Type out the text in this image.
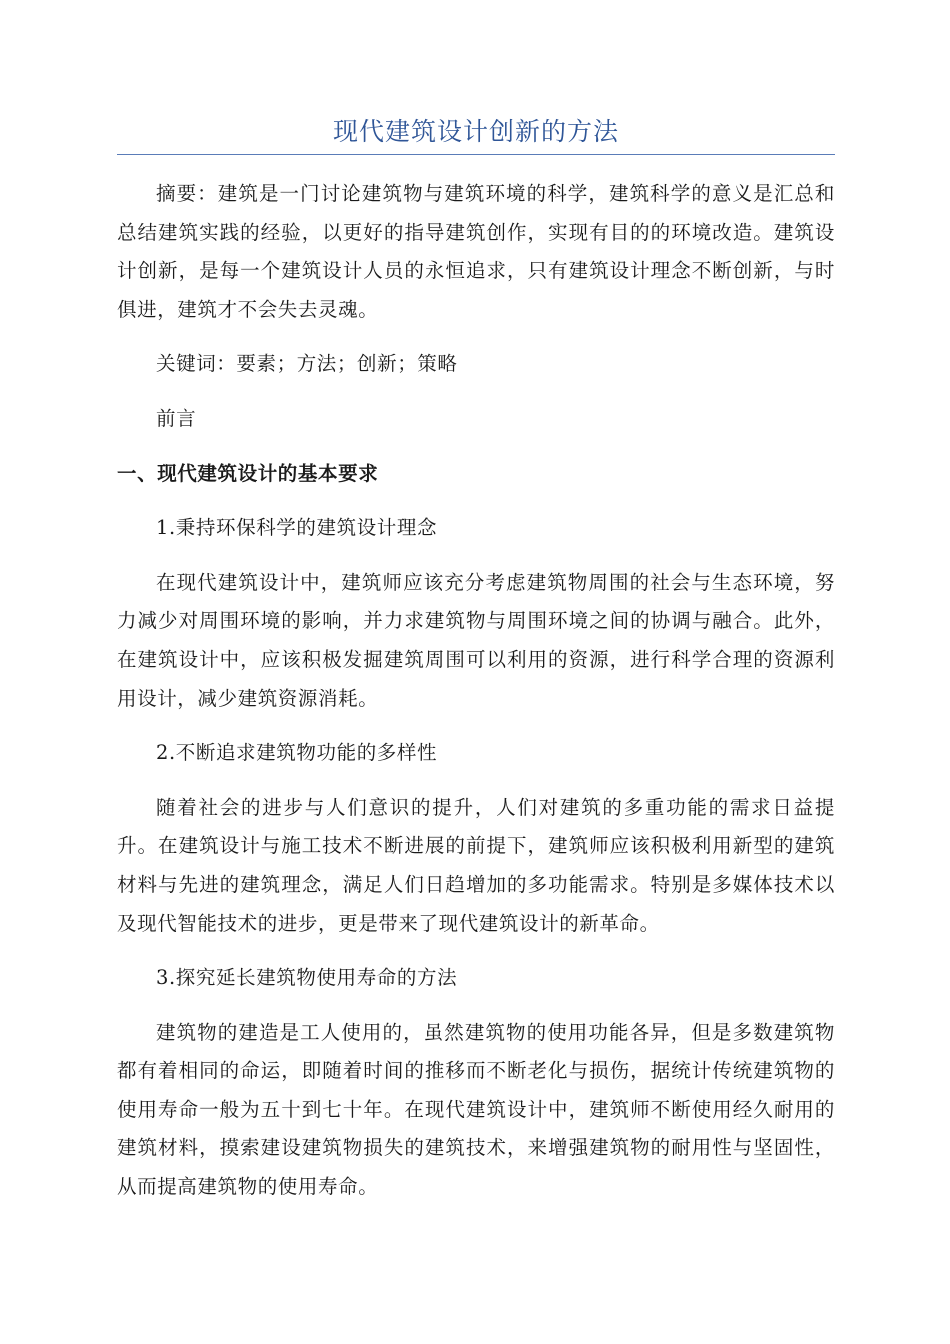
现代建筑设计创新的方法

摘要：建筑是一门讨论建筑物与建筑环境的科学，建筑科学的意义是汇总和总结建筑实践的经验，以更好的指导建筑创作，实现有目的的环境改造。建筑设计创新，是每一个建筑设计人员的永恒追求，只有建筑设计理念不断创新，与时俱进，建筑才不会失去灵魂。

关键词：要素；方法；创新；策略

前言

一、现代建筑设计的基本要求

1.秉持环保科学的建筑设计理念

在现代建筑设计中，建筑师应该充分考虑建筑物周围的社会与生态环境，努力减少对周围环境的影响，并力求建筑物与周围环境之间的协调与融合。此外，在建筑设计中，应该积极发掘建筑周围可以利用的资源，进行科学合理的资源利用设计，减少建筑资源消耗。

2.不断追求建筑物功能的多样性

随着社会的进步与人们意识的提升，人们对建筑的多重功能的需求日益提升。在建筑设计与施工技术不断进展的前提下，建筑师应该积极利用新型的建筑材料与先进的建筑理念，满足人们日趋增加的多功能需求。特别是多媒体技术以及现代智能技术的进步，更是带来了现代建筑设计的新革命。

3.探究延长建筑物使用寿命的方法

建筑物的建造是工人使用的，虽然建筑物的使用功能各异，但是多数建筑物都有着相同的命运，即随着时间的推移而不断老化与损伤，据统计传统建筑物的使用寿命一般为五十到七十年。在现代建筑设计中，建筑师不断使用经久耐用的建筑材料，摸索建设建筑物损失的建筑技术，来增强建筑物的耐用性与坚固性，从而提高建筑物的使用寿命。
